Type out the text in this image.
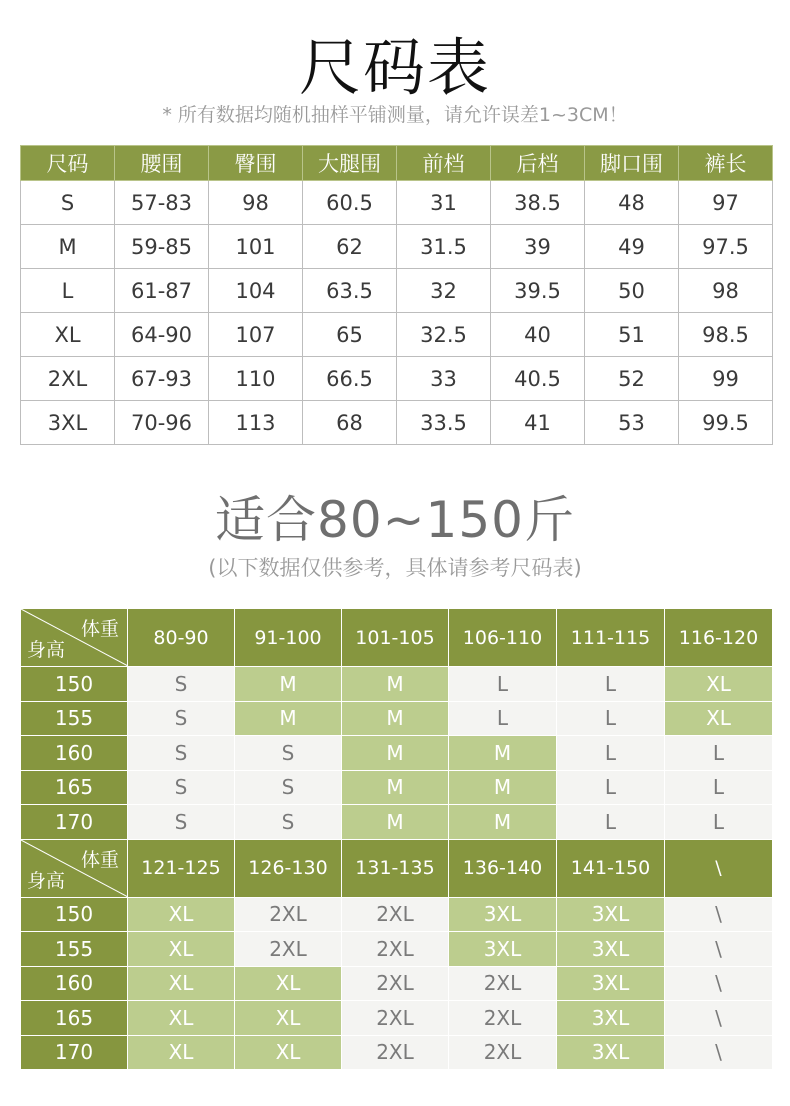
尺码表
* 所有数据均随机抽样平铺测量，请允许误差1~3CM！
尺码	腰围	臀围	大腿围	前档	后档	脚口围	裤长
S	57-83	98	60.5	31	38.5	48	97
M	59-85	101	62	31.5	39	49	97.5
L	61-87	104	63.5	32	39.5	50	98
XL	64-90	107	65	32.5	40	51	98.5
2XL	67-93	110	66.5	33	40.5	52	99
3XL	70-96	113	68	33.5	41	53	99.5
适合80~150斤
(以下数据仅供参考，具体请参考尺码表)
体重
身高	80-90	91-100	101-105	106-110	111-115	116-120
150	S	M	M	L	L	XL
155	S	M	M	L	L	XL
160	S	S	M	M	L	L
165	S	S	M	M	L	L
170	S	S	M	M	L	L

体重
身高	121-125	126-130	131-135	136-140	141-150	\
150	XL	2XL	2XL	3XL	3XL	\
155	XL	2XL	2XL	3XL	3XL	\
160	XL	XL	2XL	2XL	3XL	\
165	XL	XL	2XL	2XL	3XL	\
170	XL	XL	2XL	2XL	3XL	\
